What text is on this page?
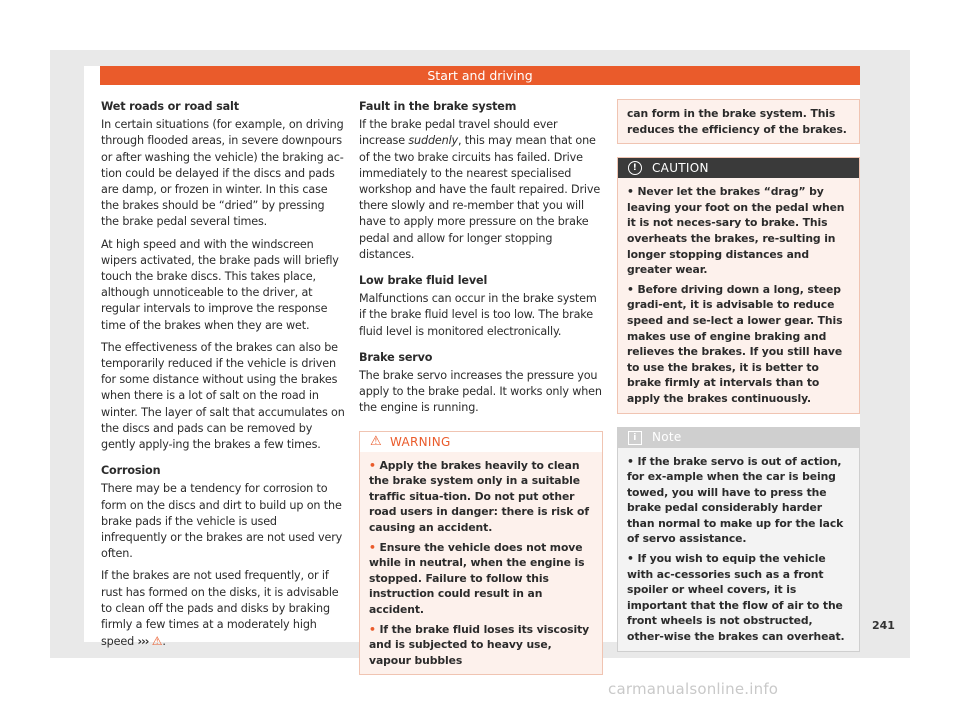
Start and driving
Wet roads or road salt
In certain situations (for example, on driving through flooded areas, in severe downpours or after washing the vehicle) the braking ac-tion could be delayed if the discs and pads are damp, or frozen in winter. In this case the brakes should be “dried” by pressing the brake pedal several times.
At high speed and with the windscreen wipers activated, the brake pads will briefly touch the brake discs. This takes place, although unnoticeable to the driver, at regular intervals to improve the response time of the brakes when they are wet.
The effectiveness of the brakes can also be temporarily reduced if the vehicle is driven for some distance without using the brakes when there is a lot of salt on the road in winter. The layer of salt that accumulates on the discs and pads can be removed by gently apply-ing the brakes a few times.
Corrosion
There may be a tendency for corrosion to form on the discs and dirt to build up on the brake pads if the vehicle is used infrequently or the brakes are not used very often.
If the brakes are not used frequently, or if rust has formed on the disks, it is advisable to clean off the pads and disks by braking firmly a few times at a moderately high speed ››› ⚠.
Fault in the brake system
If the brake pedal travel should ever increase suddenly, this may mean that one of the two brake circuits has failed. Drive immediately to the nearest specialised workshop and have the fault repaired. Drive there slowly and re-member that you will have to apply more pressure on the brake pedal and allow for longer stopping distances.
Low brake fluid level
Malfunctions can occur in the brake system if the brake fluid level is too low. The brake fluid level is monitored electronically.
Brake servo
The brake servo increases the pressure you apply to the brake pedal. It works only when the engine is running.
⚠ WARNING
• Apply the brakes heavily to clean the brake system only in a suitable traffic situa-tion. Do not put other road users in danger: there is risk of causing an accident.
• Ensure the vehicle does not move while in neutral, when the engine is stopped. Failure to follow this instruction could result in an accident.
• If the brake fluid loses its viscosity and is subjected to heavy use, vapour bubbles
can form in the brake system. This reduces the efficiency of the brakes.
!	CAUTION
• Never let the brakes “drag” by leaving your foot on the pedal when it is not neces-sary to brake. This overheats the brakes, re-sulting in longer stopping distances and greater wear.
• Before driving down a long, steep gradi-ent, it is advisable to reduce speed and se-lect a lower gear. This makes use of engine braking and relieves the brakes. If you still have to use the brakes, it is better to brake firmly at intervals than to apply the brakes continuously.
i	Note
• If the brake servo is out of action, for ex-ample when the car is being towed, you will have to press the brake pedal considerably harder than normal to make up for the lack of servo assistance.
• If you wish to equip the vehicle with ac-cessories such as a front spoiler or wheel covers, it is important that the flow of air to the front wheels is not obstructed, other-wise the brakes can overheat.
241
carmanualsonline.info
